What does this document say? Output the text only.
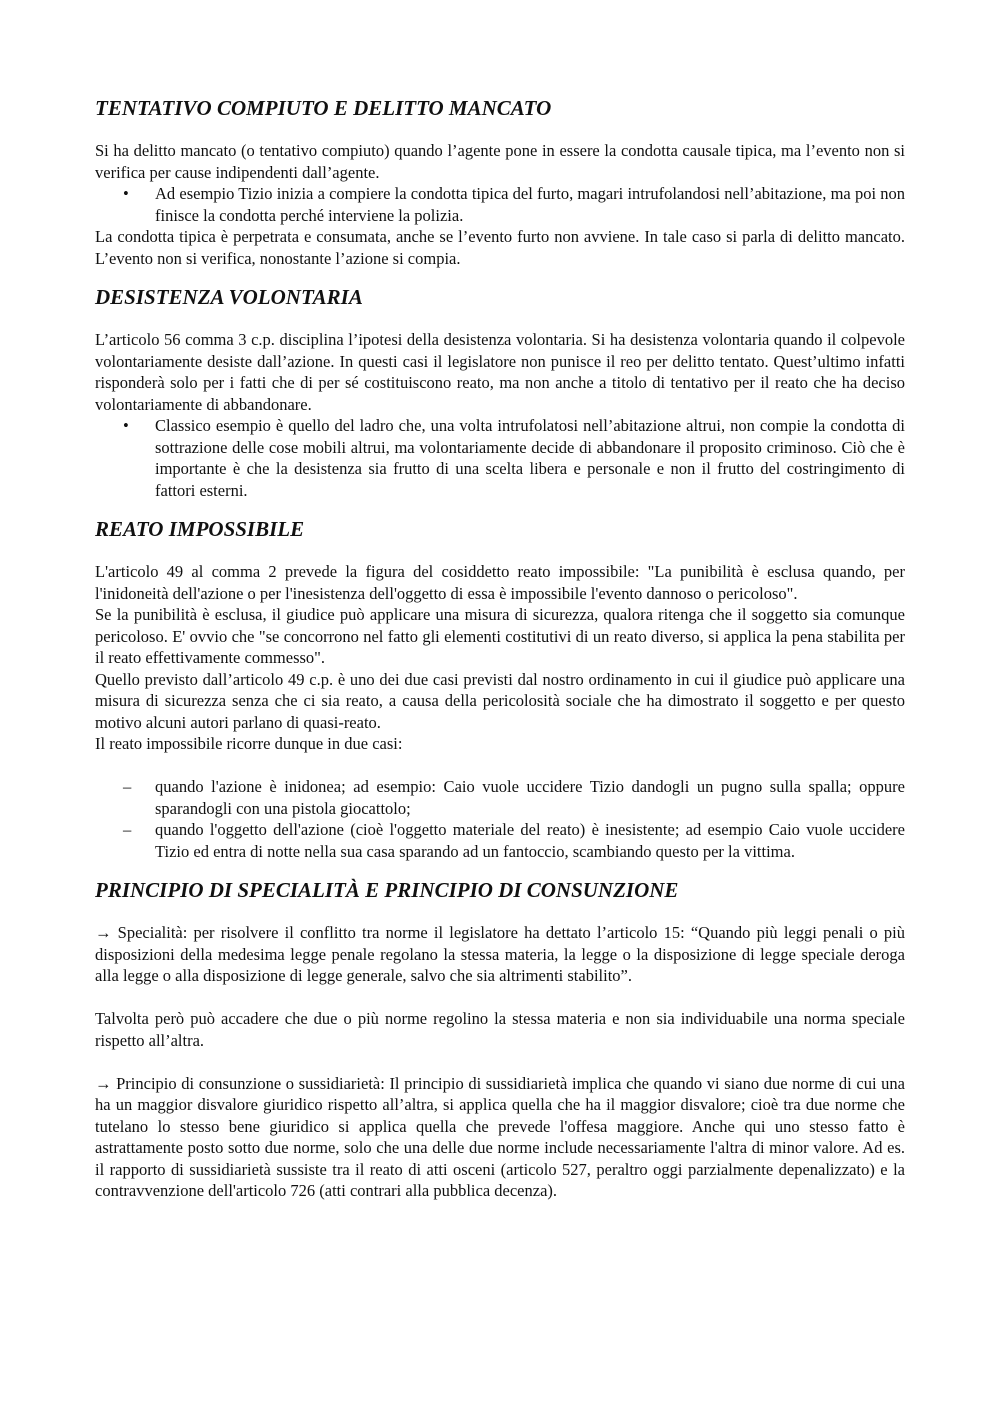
TENTATIVO COMPIUTO E DELITTO MANCATO

Si ha delitto mancato (o tentativo compiuto) quando l’agente pone in essere la condotta causale tipica, ma l’evento non si verifica per cause indipendenti dall’agente.

• Ad esempio Tizio inizia a compiere la condotta tipica del furto, magari intrufolandosi nell’abitazione, ma poi non finisce la condotta perché interviene la polizia.

La condotta tipica è perpetrata e consumata, anche se l’evento furto non avviene. In tale caso si parla di delitto mancato. L’evento non si verifica, nonostante l’azione si compia.

DESISTENZA VOLONTARIA

L’articolo 56 comma 3 c.p. disciplina l’ipotesi della desistenza volontaria. Si ha desistenza volontaria quando il colpevole volontariamente desiste dall’azione. In questi casi il legislatore non punisce il reo per delitto tentato. Quest’ultimo infatti risponderà solo per i fatti che di per sé costituiscono reato, ma non anche a titolo di tentativo per il reato che ha deciso volontariamente di abbandonare.

• Classico esempio è quello del ladro che, una volta intrufolatosi nell’abitazione altrui, non compie la condotta di sottrazione delle cose mobili altrui, ma volontariamente decide di abbandonare il proposito criminoso. Ciò che è importante è che la desistenza sia frutto di una scelta libera e personale e non il frutto del costringimento di fattori esterni.
REATO IMPOSSIBILE

L'articolo 49 al comma 2 prevede la figura del cosiddetto reato impossibile: "La punibilità è esclusa quando, per l'inidoneità dell'azione o per l'inesistenza dell'oggetto di essa è impossibile l'evento dannoso o pericoloso".

Se la punibilità è esclusa, il giudice può applicare una misura di sicurezza, qualora ritenga che il soggetto sia comunque pericoloso. E' ovvio che "se concorrono nel fatto gli elementi costitutivi di un reato diverso, si applica la pena stabilita per il reato effettivamente commesso".

Quello previsto dall’articolo 49 c.p. è uno dei due casi previsti dal nostro ordinamento in cui il giudice può applicare una misura di sicurezza senza che ci sia reato, a causa della pericolosità sociale che ha dimostrato il soggetto e per questo motivo alcuni autori parlano di quasi-reato.

Il reato impossibile ricorre dunque in due casi:

– quando l'azione è inidonea; ad esempio: Caio vuole uccidere Tizio dandogli un pugno sulla spalla; oppure sparandogli con una pistola giocattolo;
– quando l'oggetto dell'azione (cioè l'oggetto materiale del reato) è inesistente; ad esempio Caio vuole uccidere Tizio ed entra di notte nella sua casa sparando ad un fantoccio, scambiando questo per la vittima.
PRINCIPIO DI SPECIALITÀ E PRINCIPIO DI CONSUNZIONE

→ Specialità: per risolvere il conflitto tra norme il legislatore ha dettato l’articolo 15: “Quando più leggi penali o più disposizioni della medesima legge penale regolano la stessa materia, la legge o la disposizione di legge speciale deroga alla legge o alla disposizione di legge generale, salvo che sia altrimenti stabilito”.

Talvolta però può accadere che due o più norme regolino la stessa materia e non sia individuabile una norma speciale rispetto all’altra.

→ Principio di consunzione o sussidiarietà: Il principio di sussidiarietà implica che quando vi siano due norme di cui una ha un maggior disvalore giuridico rispetto all’altra, si applica quella che ha il maggior disvalore; cioè tra due norme che tutelano lo stesso bene giuridico si applica quella che prevede l'offesa maggiore. Anche qui uno stesso fatto è astrattamente posto sotto due norme, solo che una delle due norme include necessariamente l'altra di minor valore. Ad es. il rapporto di sussidiarietà sussiste tra il reato di atti osceni (articolo 527, peraltro oggi parzialmente depenalizzato) e la contravvenzione dell'articolo 726 (atti contrari alla pubblica decenza).
